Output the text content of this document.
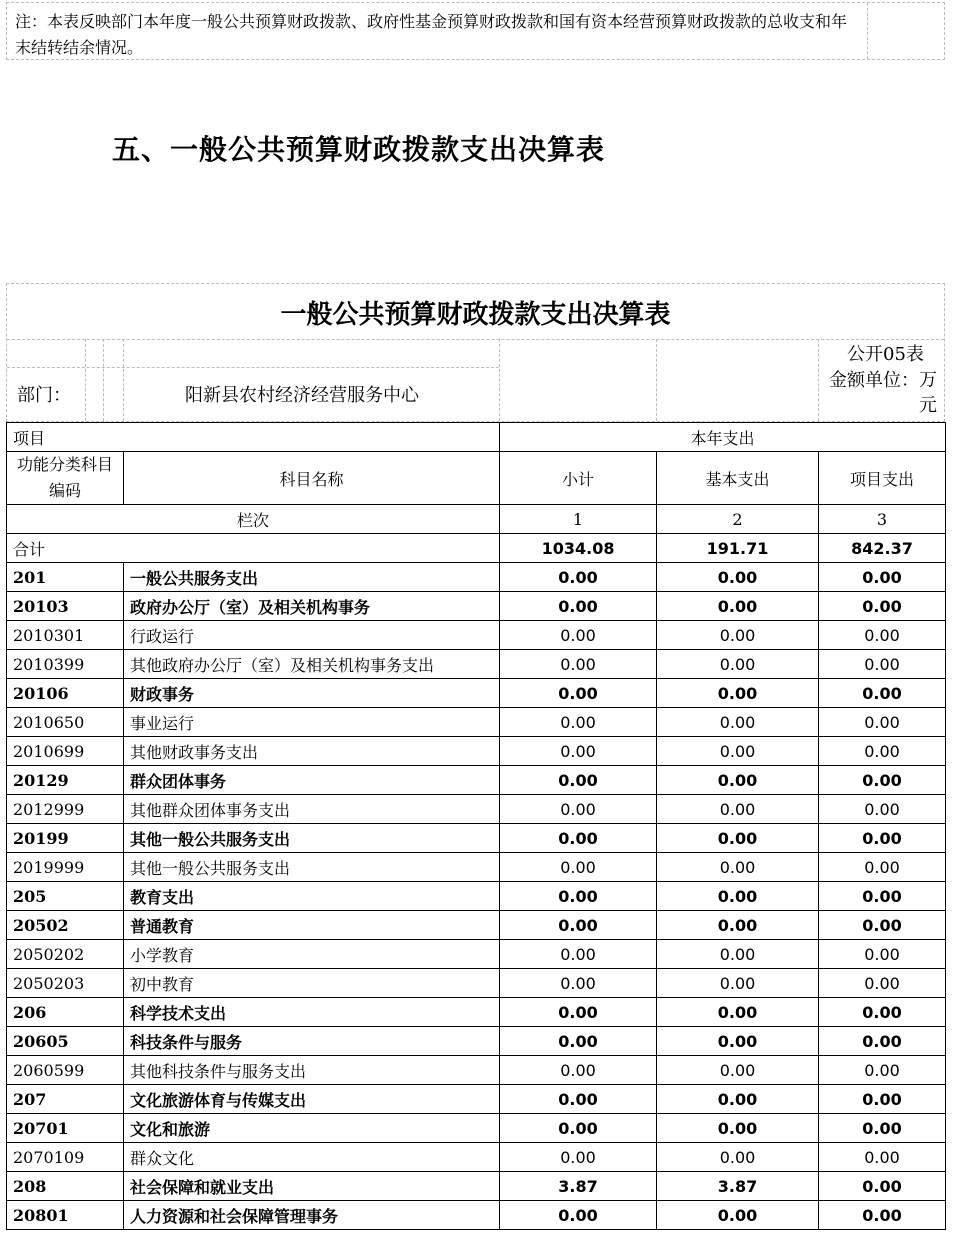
注：本表反映部门本年度一般公共预算财政拨款、政府性基金预算财政拨款和国有资本经营预算财政拨款的总收支和年末结转结余情况。
五、一般公共预算财政拨款支出决算表
一般公共预算财政拨款支出决算表
公开05表
部门：	阳新县农村经济经营服务中心
金额单位：万元
项目		本年支出		
功能分类科目编码	科目名称	小计	基本支出	项目支出
栏次		1	2	3
合计		1034.08	191.71	842.37
201	一般公共服务支出	0.00	0.00	0.00
20103	政府办公厅（室）及相关机构事务	0.00	0.00	0.00
2010301	行政运行	0.00	0.00	0.00
2010399	其他政府办公厅（室）及相关机构事务支出	0.00	0.00	0.00
20106	财政事务	0.00	0.00	0.00
2010650	事业运行	0.00	0.00	0.00
2010699	其他财政事务支出	0.00	0.00	0.00
20129	群众团体事务	0.00	0.00	0.00
2012999	其他群众团体事务支出	0.00	0.00	0.00
20199	其他一般公共服务支出	0.00	0.00	0.00
2019999	其他一般公共服务支出	0.00	0.00	0.00
205	教育支出	0.00	0.00	0.00
20502	普通教育	0.00	0.00	0.00
2050202	小学教育	0.00	0.00	0.00
2050203	初中教育	0.00	0.00	0.00
206	科学技术支出	0.00	0.00	0.00
20605	科技条件与服务	0.00	0.00	0.00
2060599	其他科技条件与服务支出	0.00	0.00	0.00
207	文化旅游体育与传媒支出	0.00	0.00	0.00
20701	文化和旅游	0.00	0.00	0.00
2070109	群众文化	0.00	0.00	0.00
208	社会保障和就业支出	3.87	3.87	0.00
20801	人力资源和社会保障管理事务	0.00	0.00	0.00
